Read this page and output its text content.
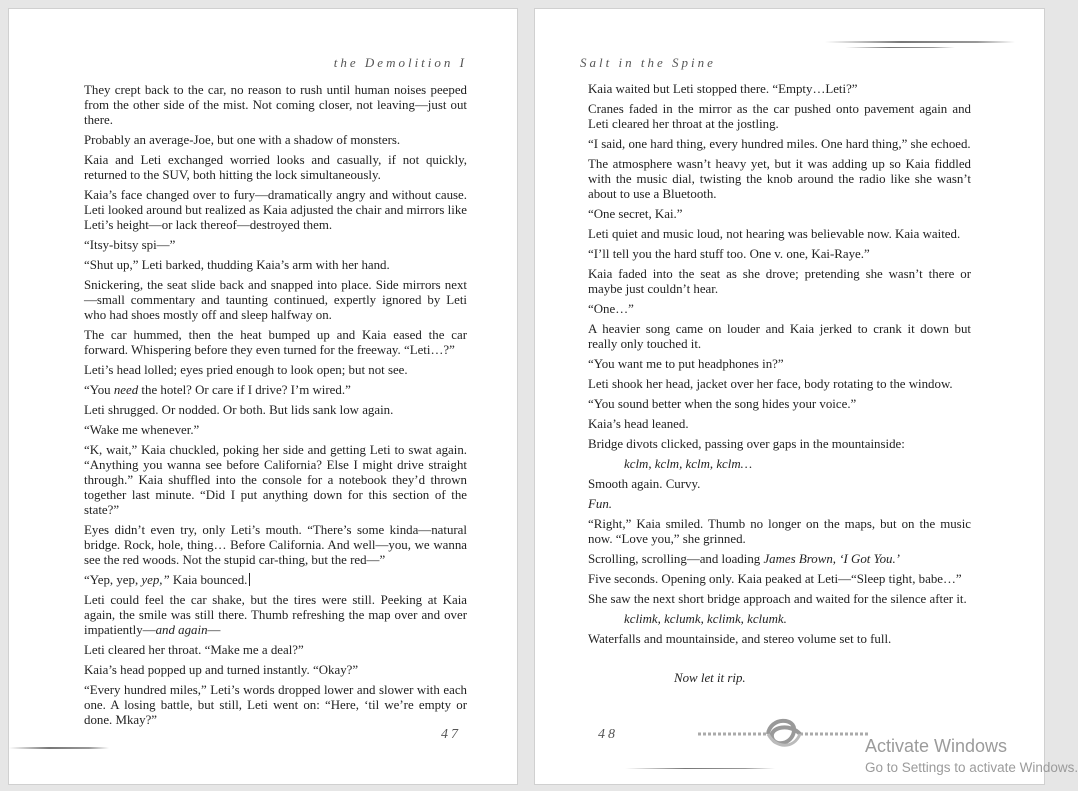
the Demolition I

They crept back to the car, no reason to rush until human noises peeped from the other side of the mist. Not coming closer, not leaving—just out there.

Probably an average-Joe, but one with a shadow of monsters.

Kaia and Leti exchanged worried looks and casually, if not quickly, returned to the SUV, both hitting the lock simultaneously.

Kaia’s face changed over to fury—dramatically angry and without cause. Leti looked around but realized as Kaia adjusted the chair and mirrors like Leti’s height—or lack thereof—destroyed them.

“Itsy-bitsy spi—”

“Shut up,” Leti barked, thudding Kaia’s arm with her hand.

Snickering, the seat slide back and snapped into place. Side mirrors next—small commentary and taunting continued, expertly ignored by Leti who had shoes mostly off and sleep halfway on.

The car hummed, then the heat bumped up and Kaia eased the car forward. Whispering before they even turned for the freeway. “Leti…?”

Leti’s head lolled; eyes pried enough to look open; but not see.

“You need the hotel? Or care if I drive? I’m wired.”

Leti shrugged. Or nodded. Or both. But lids sank low again.

“Wake me whenever.”

“K, wait,” Kaia chuckled, poking her side and getting Leti to swat again. “Anything you wanna see before California? Else I might drive straight through.” Kaia shuffled into the console for a notebook they’d thrown together last minute. “Did I put anything down for this section of the state?”

Eyes didn’t even try, only Leti’s mouth. “There’s some kinda—natural bridge. Rock, hole, thing… Before California. And well—you, we wanna see the red woods. Not the stupid car-thing, but the red—”

“Yep, yep, yep,” Kaia bounced.

Leti could feel the car shake, but the tires were still. Peeking at Kaia again, the smile was still there. Thumb refreshing the map over and over impatiently—and again—

Leti cleared her throat. “Make me a deal?”

Kaia’s head popped up and turned instantly. “Okay?”

“Every hundred miles,” Leti’s words dropped lower and slower with each one. A losing battle, but still, Leti went on: “Here, ‘til we’re empty or done. Mkay?”

47
Salt in the Spine

Kaia waited but Leti stopped there. “Empty…Leti?”

Cranes faded in the mirror as the car pushed onto pavement again and Leti cleared her throat at the jostling.

“I said, one hard thing, every hundred miles. One hard thing,” she echoed.

The atmosphere wasn’t heavy yet, but it was adding up so Kaia fiddled with the music dial, twisting the knob around the radio like she wasn’t about to use a Bluetooth.

“One secret, Kai.”

Leti quiet and music loud, not hearing was believable now. Kaia waited.

“I’ll tell you the hard stuff too. One v. one, Kai-Raye.”

Kaia faded into the seat as she drove; pretending she wasn’t there or maybe just couldn’t hear.

“One…”

A heavier song came on louder and Kaia jerked to crank it down but really only touched it.

“You want me to put headphones in?”

Leti shook her head, jacket over her face, body rotating to the window.

“You sound better when the song hides your voice.”

Kaia’s head leaned.

Bridge divots clicked, passing over gaps in the mountainside:

kclm, kclm, kclm, kclm…

Smooth again. Curvy.

Fun.

“Right,” Kaia smiled. Thumb no longer on the maps, but on the music now. “Love you,” she grinned.

Scrolling, scrolling—and loading James Brown, ‘I Got You.’

Five seconds. Opening only. Kaia peaked at Leti—“Sleep tight, babe…”

She saw the next short bridge approach and waited for the silence after it.

kclimk, kclumk, kclimk, kclumk.

Waterfalls and mountainside, and stereo volume set to full.

Now let it rip.

48
Activate Windows
Go to Settings to activate Windows.
